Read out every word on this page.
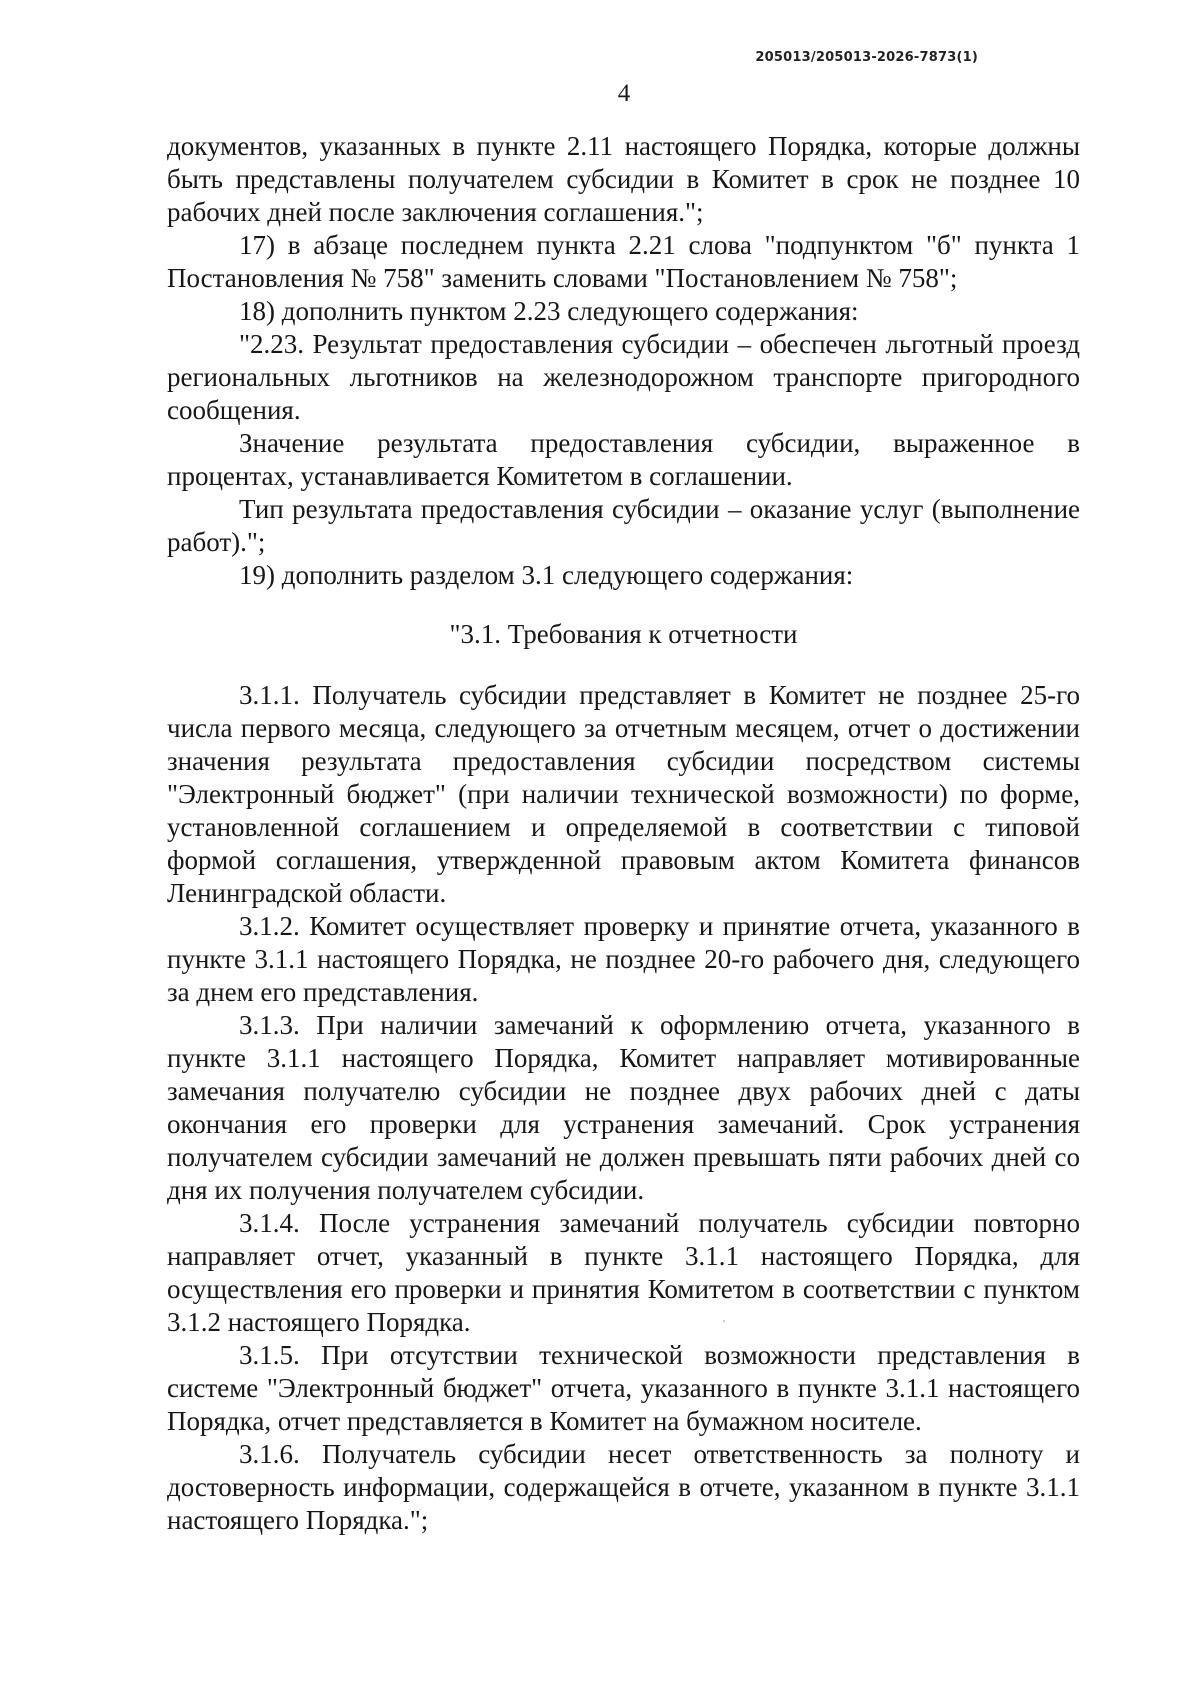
205013/205013-2026-7873(1)
4

документов, указанных в пункте 2.11 настоящего Порядка, которые должны быть представлены получателем субсидии в Комитет в срок не позднее 10 рабочих дней после заключения соглашения.";

17) в абзаце последнем пункта 2.21 слова "подпунктом "б" пункта 1 Постановления № 758" заменить словами "Постановлением № 758";

18) дополнить пунктом 2.23 следующего содержания:

"2.23. Результат предоставления субсидии – обеспечен льготный проезд региональных льготников на железнодорожном транспорте пригородного сообщения.

Значение результата предоставления субсидии, выраженное в процентах, устанавливается Комитетом в соглашении.

Тип результата предоставления субсидии – оказание услуг (выполнение работ).";

19) дополнить разделом 3.1 следующего содержания:

"3.1. Требования к отчетности

3.1.1. Получатель субсидии представляет в Комитет не позднее 25-го числа первого месяца, следующего за отчетным месяцем, отчет о достижении значения результата предоставления субсидии посредством системы "Электронный бюджет" (при наличии технической возможности) по форме, установленной соглашением и определяемой в соответствии с типовой формой соглашения, утвержденной правовым актом Комитета финансов Ленинградской области.

3.1.2. Комитет осуществляет проверку и принятие отчета, указанного в пункте 3.1.1 настоящего Порядка, не позднее 20-го рабочего дня, следующего за днем его представления.

3.1.3. При наличии замечаний к оформлению отчета, указанного в пункте 3.1.1 настоящего Порядка, Комитет направляет мотивированные замечания получателю субсидии не позднее двух рабочих дней с даты окончания его проверки для устранения замечаний. Срок устранения получателем субсидии замечаний не должен превышать пяти рабочих дней со дня их получения получателем субсидии.

3.1.4. После устранения замечаний получатель субсидии повторно направляет отчет, указанный в пункте 3.1.1 настоящего Порядка, для осуществления его проверки и принятия Комитетом в соответствии с пунктом 3.1.2 настоящего Порядка.

3.1.5. При отсутствии технической возможности представления в системе "Электронный бюджет" отчета, указанного в пункте 3.1.1 настоящего Порядка, отчет представляется в Комитет на бумажном носителе.

3.1.6. Получатель субсидии несет ответственность за полноту и достоверность информации, содержащейся в отчете, указанном в пункте 3.1.1 настоящего Порядка.";
